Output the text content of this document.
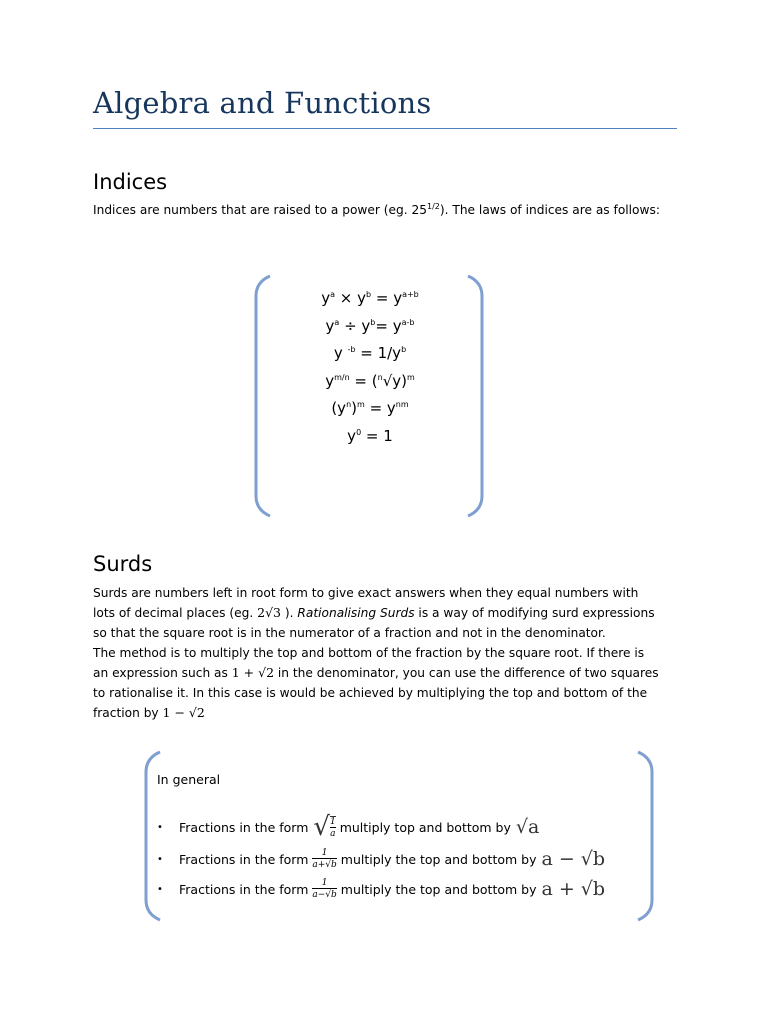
Algebra and Functions
Indices

Indices are numbers that are raised to a power (eg. $25^{1/2}$). The laws of indices are as follows:

$y^a \times y^b = y^{a+b}$
$y^a \div y^b= y^{a-b}$
y $^{-b} = 1/y^b$
$y^{m/n} = (^n√y)^m$
$(y^n)^m = y^{nm}$
$y^0 = 1$
Surds

Surds are numbers left in root form to give exact answers when they equal numbers with

lots of decimal places (eg. 2√3 ). Rationalising Surds is a way of modifying surd expressions

so that the square root is in the numerator of a fraction and not in the denominator.

The method is to multiply the top and bottom of the fraction by the square root. If there is

an expression such as 1 + √2 in the denominator, you can use the difference of two squares

to rationalise it. In this case is would be achieved by multiplying the top and bottom of the

fraction by 1 − √2

In general
•	Fractions in the form √ $\frac{1}{a}$ multiply top and bottom by √a
•	Fractions in the form $\frac{1}{a+√b}$ multiply the top and bottom by a − √b
•	Fractions in the form $\frac{1}{a-√b}$ multiply the top and bottom by a + √b
